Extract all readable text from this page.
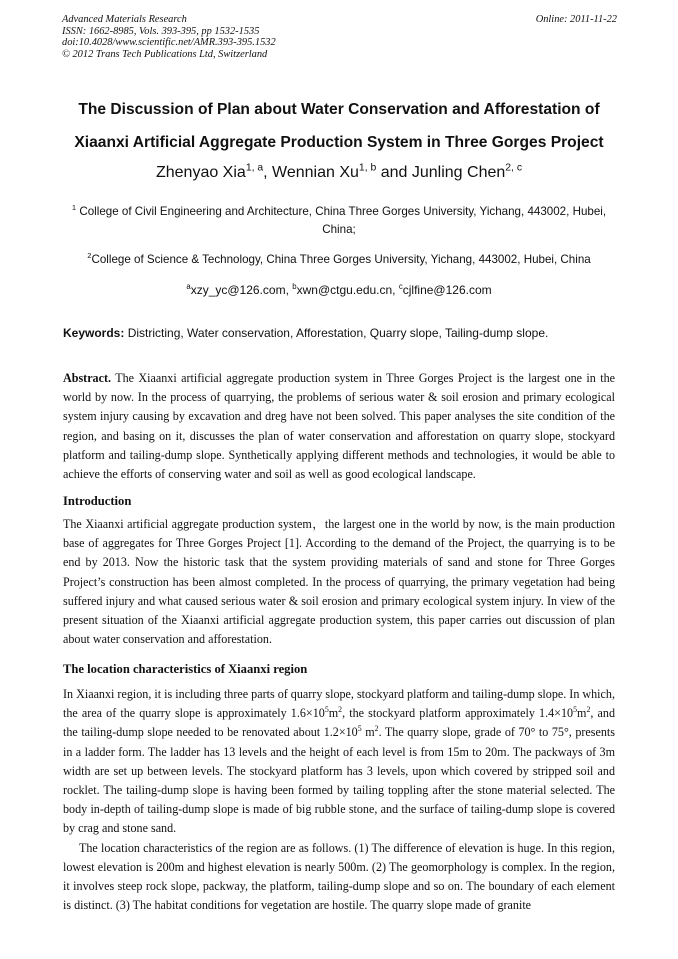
Advanced Materials Research
ISSN: 1662-8985, Vols. 393-395, pp 1532-1535
doi:10.4028/www.scientific.net/AMR.393-395.1532
© 2012 Trans Tech Publications Ltd, Switzerland
Online: 2011-11-22
The Discussion of Plan about Water Conservation and Afforestation of
Xiaanxi Artificial Aggregate Production System in Three Gorges Project
Zhenyao Xia$^{1, a}$, Wennian Xu$^{1, b}$ and Junling Chen$^{2, c}$
$^1$ College of Civil Engineering and Architecture, China Three Gorges University, Yichang, 443002, Hubei, China;
$^2$College of Science & Technology, China Three Gorges University, Yichang, 443002, Hubei, China
$^a$xzy_yc@126.com, $^b$xwn@ctgu.edu.cn, $^c$cjlfine@126.com
Keywords: Districting, Water conservation, Afforestation, Quarry slope, Tailing-dump slope.

Abstract. The Xiaanxi artificial aggregate production system in Three Gorges Project is the largest one in the world by now. In the process of quarrying, the problems of serious water & soil erosion and primary ecological system injury causing by excavation and dreg have not been solved. This paper analyses the site condition of the region, and basing on it, discusses the plan of water conservation and afforestation on quarry slope, stockyard platform and tailing-dump slope. Synthetically applying different methods and technologies, it would be able to achieve the efforts of conserving water and soil as well as good ecological landscape.

Introduction

The Xiaanxi artificial aggregate production system，the largest one in the world by now, is the main production base of aggregates for Three Gorges Project [1]. According to the demand of the Project, the quarrying is to be end by 2013. Now the historic task that the system providing materials of sand and stone for Three Gorges Project’s construction has been almost completed. In the process of quarrying, the primary vegetation had being suffered injury and what caused serious water & soil erosion and primary ecological system injury. In view of the present situation of the Xiaanxi artificial aggregate production system, this paper carries out discussion of plan about water conservation and afforestation.

The location characteristics of Xiaanxi region

In Xiaanxi region, it is including three parts of quarry slope, stockyard platform and tailing-dump slope. In which, the area of the quarry slope is approximately $1.6\times 10^5m^2$, the stockyard platform approximately $1.4\times 10^5m^2$, and the tailing-dump slope needed to be renovated about $1.2\times 10^5$ $m^2$. The quarry slope, grade of 70° to 75°, presents in a ladder form. The ladder has 13 levels and the height of each level is from 15m to 20m. The packways of 3m width are set up between levels. The stockyard platform has 3 levels, upon which covered by stripped soil and rocklet. The tailing-dump slope is having been formed by tailing toppling after the stone material selected. The body in-depth of tailing-dump slope is made of big rubble stone, and the surface of tailing-dump slope is covered by crag and stone sand.

The location characteristics of the region are as follows. (1) The difference of elevation is huge. In this region, lowest elevation is 200m and highest elevation is nearly 500m. (2) The geomorphology is complex. In the region, it involves steep rock slope, packway, the platform, tailing-dump slope and so on. The boundary of each element is distinct. (3) The habitat conditions for vegetation are hostile. The quarry slope made of granite
